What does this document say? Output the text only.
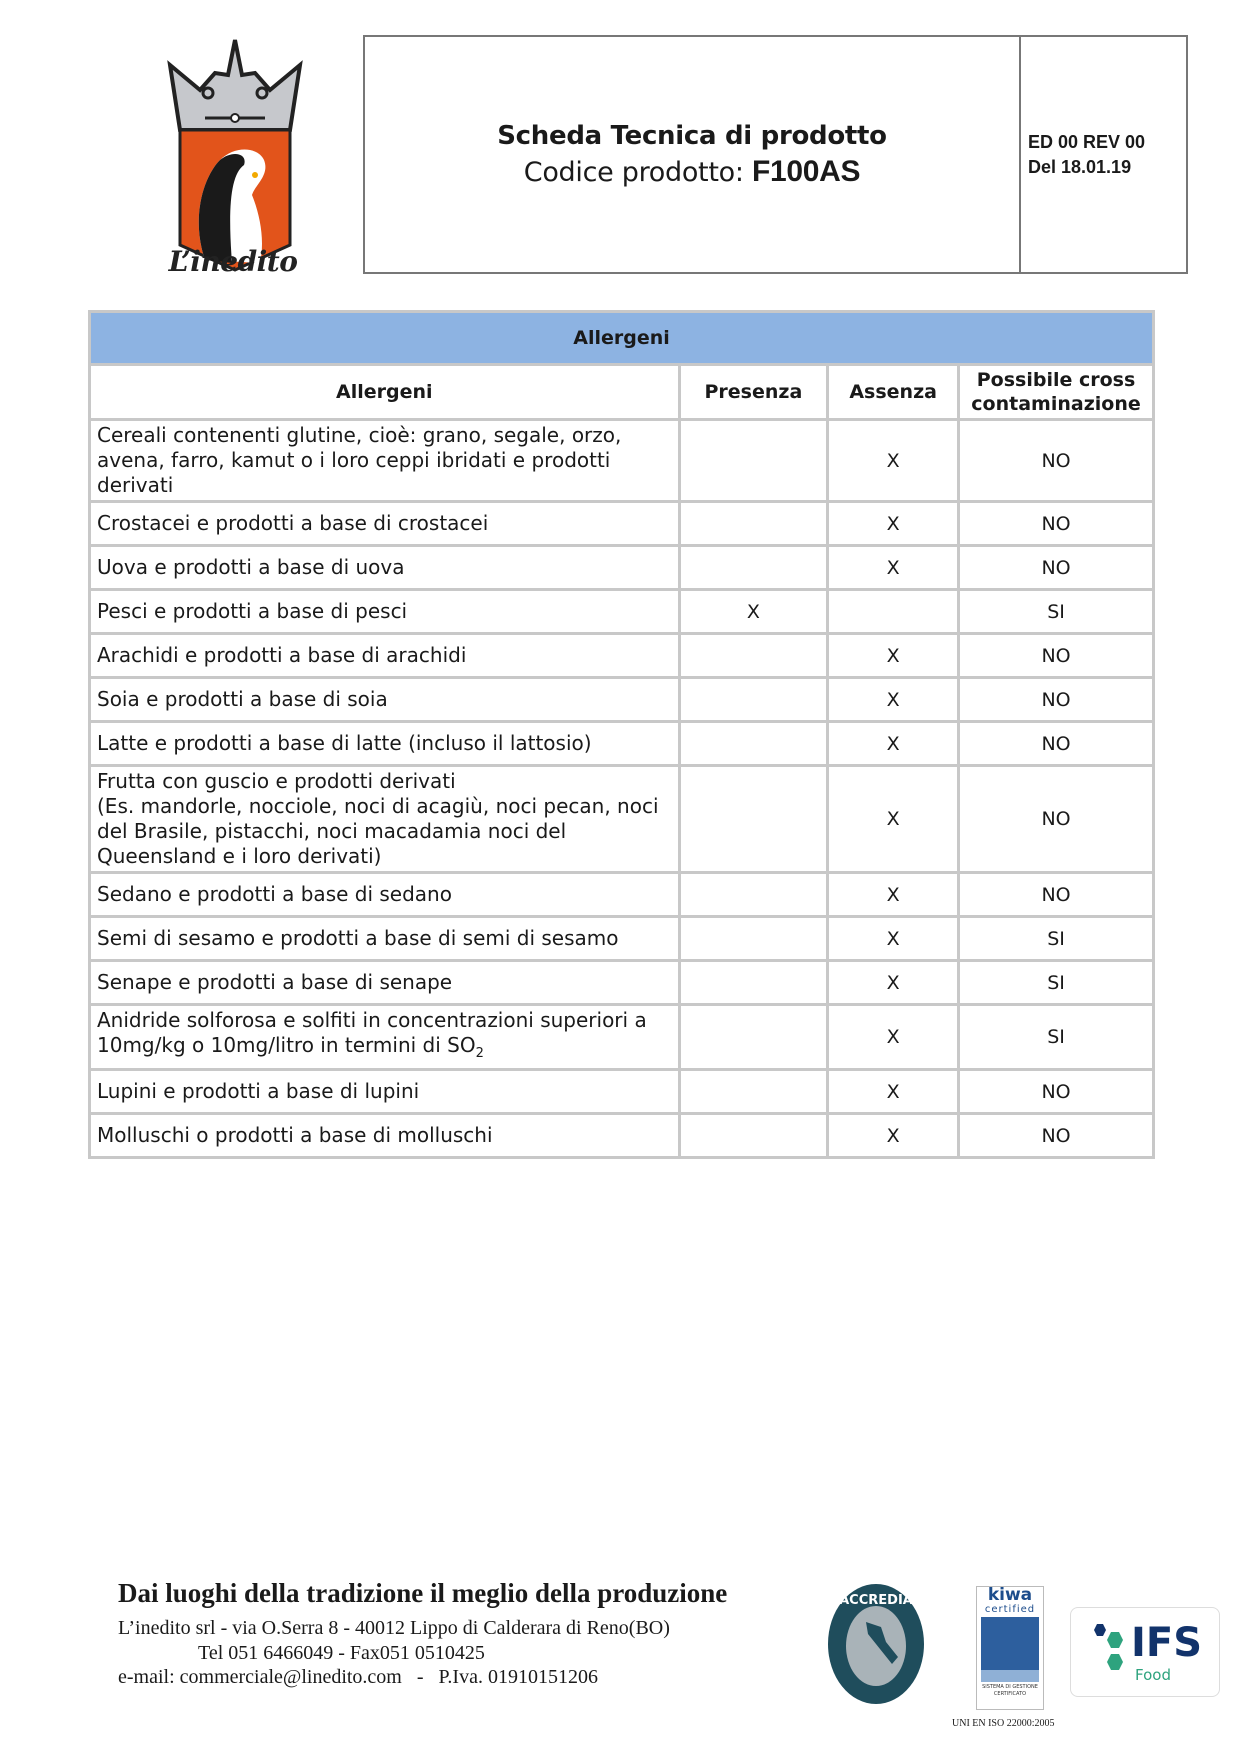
L’inedito
Scheda Tecnica di prodotto
Codice prodotto: F100AS
ED 00 REV 00
Del 18.01.19
Allergeni			
Allergeni	Presenza	Assenza	Possibile cross contaminazione
Cereali contenenti glutine, cioè: grano, segale, orzo, avena, farro, kamut o i loro ceppi ibridati e prodotti derivati		X	NO
Crostacei e prodotti a base di crostacei		X	NO
Uova e prodotti a base di uova		X	NO
Pesci e prodotti a base di pesci	X		SI
Arachidi e prodotti a base di arachidi		X	NO
Soia e prodotti a base di soia		X	NO
Latte e prodotti a base di latte (incluso il lattosio)		X	NO

Frutta con guscio e prodotti derivati
(Es. mandorle, nocciole, noci di acagiù, noci pecan, noci del Brasile, pistacchi, noci macadamia noci del Queensland e i loro derivati)		X	NO
Sedano e prodotti a base di sedano		X	NO
Semi di sesamo e prodotti a base di semi di sesamo		X	SI
Senape e prodotti a base di senape		X	SI
Anidride solforosa e solfiti in concentrazioni superiori a 10mg/kg o 10mg/litro in termini di $SO_2$		X	SI
Lupini e prodotti a base di lupini		X	NO
Molluschi o prodotti a base di molluschi		X	NO
Dai luoghi della tradizione il meglio della produzione
L’inedito srl - via O.Serra 8 - 40012 Lippo di Calderara di Reno(BO)
Tel 051 6466049 - Fax051 0510425
e-mail: commerciale@linedito.com   -   P.Iva. 01910151206
ACCREDIA	kiwa
certified
SISTEMA DI GESTIONE CERTIFICATO
UNI EN ISO 22000:2005
IFS
Food
